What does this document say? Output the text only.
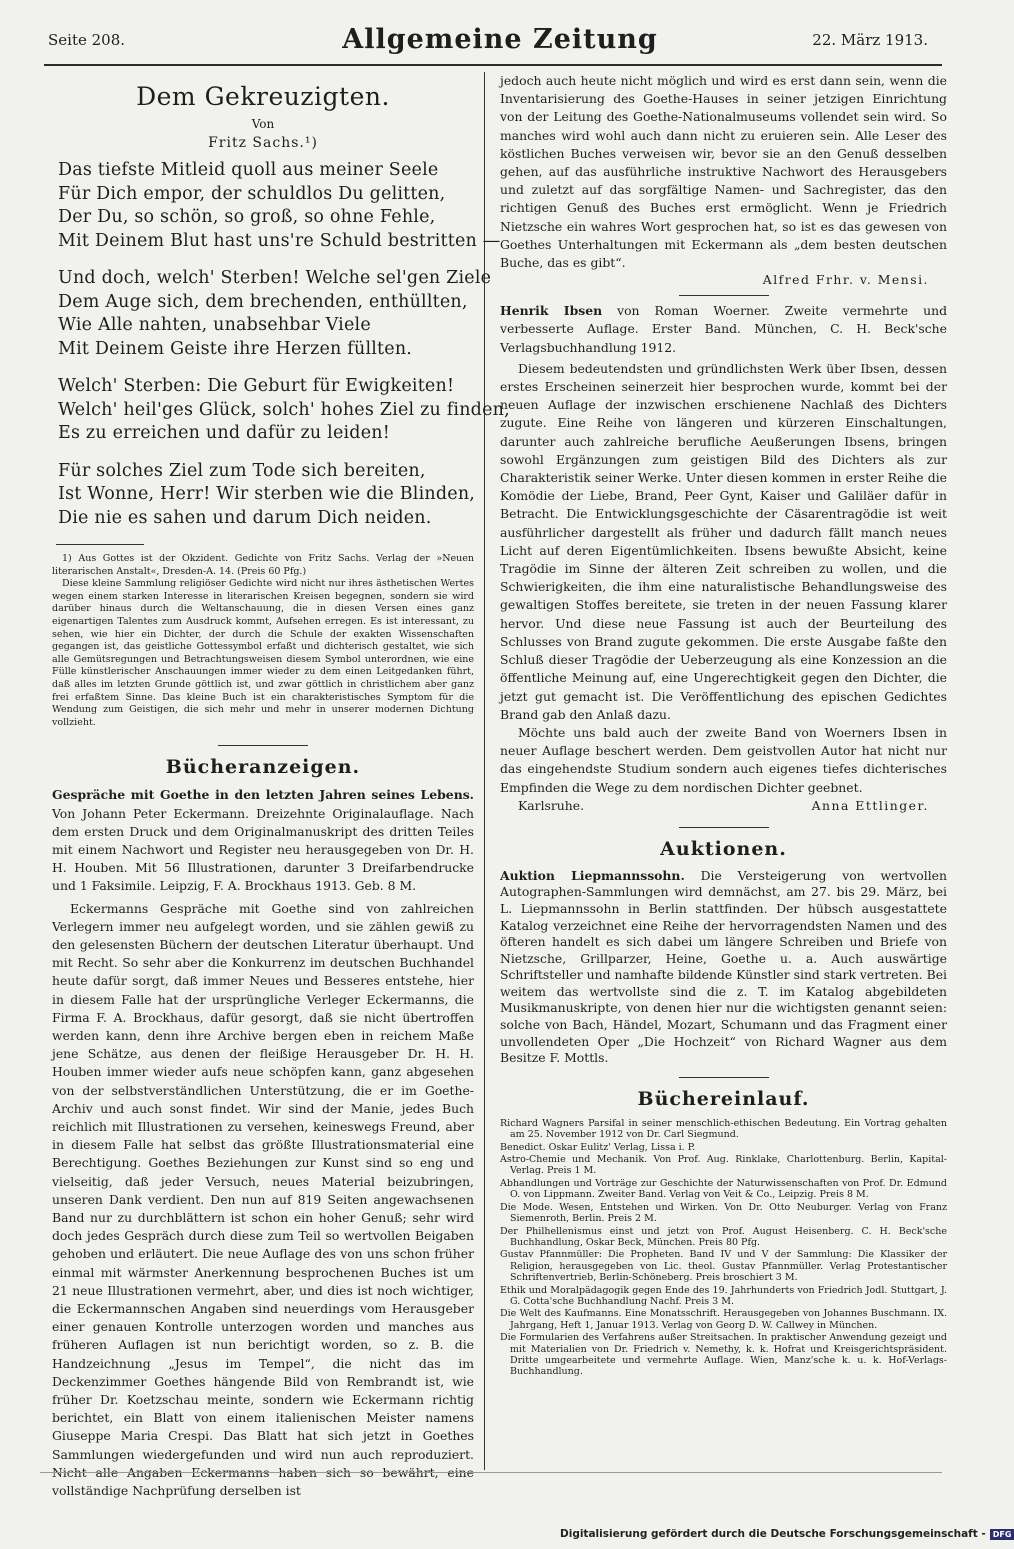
Seite 208.	Allgemeine Zeitung	22. März 1913.
Dem Gekreuzigten.
Von
Fritz Sachs.¹)
Das tiefste Mitleid quoll aus meiner Seele
Für Dich empor, der schuldlos Du gelitten,
Der Du, so schön, so groß, so ohne Fehle,
Mit Deinem Blut hast uns're Schuld bestritten —
Und doch, welch' Sterben! Welche sel'gen Ziele
Dem Auge sich, dem brechenden, enthüllten,
Wie Alle nahten, unabsehbar Viele
Mit Deinem Geiste ihre Herzen füllten.
Welch' Sterben: Die Geburt für Ewigkeiten!
Welch' heil'ges Glück, solch' hohes Ziel zu finden,
Es zu erreichen und dafür zu leiden!
Für solches Ziel zum Tode sich bereiten,
Ist Wonne, Herr! Wir sterben wie die Blinden,
Die nie es sahen und darum Dich neiden.

1) Aus Gottes ist der Okzident. Gedichte von Fritz Sachs. Verlag der »Neuen literarischen Anstalt«, Dresden-A. 14. (Preis 60 Pfg.)

Diese kleine Sammlung religiöser Gedichte wird nicht nur ihres ästhetischen Wertes wegen einem starken Interesse in literarischen Kreisen begegnen, sondern sie wird darüber hinaus durch die Weltanschauung, die in diesen Versen eines ganz eigenartigen Talentes zum Ausdruck kommt, Aufsehen erregen. Es ist interessant, zu sehen, wie hier ein Dichter, der durch die Schule der exakten Wissenschaften gegangen ist, das geistliche Gottessymbol erfaßt und dichterisch gestaltet, wie sich alle Gemütsregungen und Betrachtungsweisen diesem Symbol unterordnen, wie eine Fülle künstlerischer Anschauungen immer wieder zu dem einen Leitgedanken führt, daß alles im letzten Grunde göttlich ist, und zwar göttlich in christlichem aber ganz frei erfaßtem Sinne. Das kleine Buch ist ein charakteristisches Symptom für die Wendung zum Geistigen, die sich mehr und mehr in unserer modernen Dichtung vollzieht.

Bücheranzeigen.

Gespräche mit Goethe in den letzten Jahren seines Lebens. Von Johann Peter Eckermann. Dreizehnte Originalauflage. Nach dem ersten Druck und dem Originalmanuskript des dritten Teiles mit einem Nachwort und Register neu herausgegeben von Dr. H. H. Houben. Mit 56 Illustrationen, darunter 3 Dreifarbendrucke und 1 Faksimile. Leipzig, F. A. Brockhaus 1913. Geb. 8 M.

Eckermanns Gespräche mit Goethe sind von zahlreichen Verlegern immer neu aufgelegt worden, und sie zählen gewiß zu den gelesensten Büchern der deutschen Literatur überhaupt. Und mit Recht. So sehr aber die Konkurrenz im deutschen Buchhandel heute dafür sorgt, daß immer Neues und Besseres entstehe, hier in diesem Falle hat der ursprüngliche Verleger Eckermanns, die Firma F. A. Brockhaus, dafür gesorgt, daß sie nicht übertroffen werden kann, denn ihre Archive bergen eben in reichem Maße jene Schätze, aus denen der fleißige Herausgeber Dr. H. H. Houben immer wieder aufs neue schöpfen kann, ganz abgesehen von der selbstverständlichen Unterstützung, die er im Goethe-Archiv und auch sonst findet. Wir sind der Manie, jedes Buch reichlich mit Illustrationen zu versehen, keineswegs Freund, aber in diesem Falle hat selbst das größte Illustrationsmaterial eine Berechtigung. Goethes Beziehungen zur Kunst sind so eng und vielseitig, daß jeder Versuch, neues Material beizubringen, unseren Dank verdient. Den nun auf 819 Seiten angewachsenen Band nur zu durchblättern ist schon ein hoher Genuß; sehr wird doch jedes Gespräch durch diese zum Teil so wertvollen Beigaben gehoben und erläutert. Die neue Auflage des von uns schon früher einmal mit wärmster Anerkennung besprochenen Buches ist um 21 neue Illustrationen vermehrt, aber, und dies ist noch wichtiger, die Eckermannschen Angaben sind neuerdings vom Herausgeber einer genauen Kontrolle unterzogen worden und manches aus früheren Auflagen ist nun berichtigt worden, so z. B. die Handzeichnung „Jesus im Tempel“, die nicht das im Deckenzimmer Goethes hängende Bild von Rembrandt ist, wie früher Dr. Koetzschau meinte, sondern wie Eckermann richtig berichtet, ein Blatt von einem italienischen Meister namens Giuseppe Maria Crespi. Das Blatt hat sich jetzt in Goethes Sammlungen wiedergefunden und wird nun auch reproduziert. Nicht alle Angaben Eckermanns haben sich so bewährt, eine vollständige Nachprüfung derselben ist

jedoch auch heute nicht möglich und wird es erst dann sein, wenn die Inventarisierung des Goethe-Hauses in seiner jetzigen Einrichtung von der Leitung des Goethe-Nationalmuseums vollendet sein wird. So manches wird wohl auch dann nicht zu eruieren sein. Alle Leser des köstlichen Buches verweisen wir, bevor sie an den Genuß desselben gehen, auf das ausführliche instruktive Nachwort des Herausgebers und zuletzt auf das sorgfältige Namen- und Sachregister, das den richtigen Genuß des Buches erst ermöglicht. Wenn je Friedrich Nietzsche ein wahres Wort gesprochen hat, so ist es das gewesen von Goethes Unterhaltungen mit Eckermann als „dem besten deutschen Buche, das es gibt“.

Alfred Frhr. v. Mensi.

Henrik Ibsen von Roman Woerner. Zweite vermehrte und verbesserte Auflage. Erster Band. München, C. H. Beck'sche Verlagsbuchhandlung 1912.

Diesem bedeutendsten und gründlichsten Werk über Ibsen, dessen erstes Erscheinen seinerzeit hier besprochen wurde, kommt bei der neuen Auflage der inzwischen erschienene Nachlaß des Dichters zugute. Eine Reihe von längeren und kürzeren Einschaltungen, darunter auch zahlreiche berufliche Aeußerungen Ibsens, bringen sowohl Ergänzungen zum geistigen Bild des Dichters als zur Charakteristik seiner Werke. Unter diesen kommen in erster Reihe die Komödie der Liebe, Brand, Peer Gynt, Kaiser und Galiläer dafür in Betracht. Die Entwicklungsgeschichte der Cäsarentragödie ist weit ausführlicher dargestellt als früher und dadurch fällt manch neues Licht auf deren Eigentümlichkeiten. Ibsens bewußte Absicht, keine Tragödie im Sinne der älteren Zeit schreiben zu wollen, und die Schwierigkeiten, die ihm eine naturalistische Behandlungsweise des gewaltigen Stoffes bereitete, sie treten in der neuen Fassung klarer hervor. Und diese neue Fassung ist auch der Beurteilung des Schlusses von Brand zugute gekommen. Die erste Ausgabe faßte den Schluß dieser Tragödie der Ueberzeugung als eine Konzession an die öffentliche Meinung auf, eine Ungerechtigkeit gegen den Dichter, die jetzt gut gemacht ist. Die Veröffentlichung des epischen Gedichtes Brand gab den Anlaß dazu.

Möchte uns bald auch der zweite Band von Woerners Ibsen in neuer Auflage beschert werden. Dem geistvollen Autor hat nicht nur das eingehendste Studium sondern auch eigenes tiefes dichterisches Empfinden die Wege zu dem nordischen Dichter geebnet.

Karlsruhe.	Anna Ettlinger.
Auktionen.

Auktion Liepmannssohn. Die Versteigerung von wertvollen Autographen-Sammlungen wird demnächst, am 27. bis 29. März, bei L. Liepmannssohn in Berlin stattfinden. Der hübsch ausgestattete Katalog verzeichnet eine Reihe der hervorragendsten Namen und des öfteren handelt es sich dabei um längere Schreiben und Briefe von Nietzsche, Grillparzer, Heine, Goethe u. a. Auch auswärtige Schriftsteller und namhafte bildende Künstler sind stark vertreten. Bei weitem das wertvollste sind die z. T. im Katalog abgebildeten Musikmanuskripte, von denen hier nur die wichtigsten genannt seien: solche von Bach, Händel, Mozart, Schumann und das Fragment einer unvollendeten Oper „Die Hochzeit“ von Richard Wagner aus dem Besitze F. Mottls.

Büchereinlauf.

Richard Wagners Parsifal in seiner menschlich-ethischen Bedeutung. Ein Vortrag gehalten am 25. November 1912 von Dr. Carl Siegmund.

Benedict. Oskar Eulitz' Verlag, Lissa i. P.

Astro-Chemie und Mechanik. Von Prof. Aug. Rinklake, Charlottenburg. Berlin, Kapital-Verlag. Preis 1 M.

Abhandlungen und Vorträge zur Geschichte der Naturwissenschaften von Prof. Dr. Edmund O. von Lippmann. Zweiter Band. Verlag von Veit & Co., Leipzig. Preis 8 M.

Die Mode. Wesen, Entstehen und Wirken. Von Dr. Otto Neuburger. Verlag von Franz Siemenroth, Berlin. Preis 2 M.

Der Philhellenismus einst und jetzt von Prof. August Heisenberg. C. H. Beck'sche Buchhandlung, Oskar Beck, München. Preis 80 Pfg.

Gustav Pfannmüller: Die Propheten. Band IV und V der Sammlung: Die Klassiker der Religion, herausgegeben von Lic. theol. Gustav Pfannmüller. Verlag Protestantischer Schriftenvertrieb, Berlin-Schöneberg. Preis broschiert 3 M.

Ethik und Moralpädagogik gegen Ende des 19. Jahrhunderts von Friedrich Jodl. Stuttgart, J. G. Cotta'sche Buchhandlung Nachf. Preis 3 M.

Die Welt des Kaufmanns. Eine Monatsschrift. Herausgegeben von Johannes Buschmann. IX. Jahrgang, Heft 1, Januar 1913. Verlag von Georg D. W. Callwey in München.

Die Formularien des Verfahrens außer Streitsachen. In praktischer Anwendung gezeigt und mit Materialien von Dr. Friedrich v. Nemethy, k. k. Hofrat und Kreisgerichtspräsident. Dritte umgearbeitete und vermehrte Auflage. Wien, Manz'sche k. u. k. Hof-Verlags-Buchhandlung.

Digitalisierung gefördert durch die Deutsche Forschungsgemeinschaft - DFG
